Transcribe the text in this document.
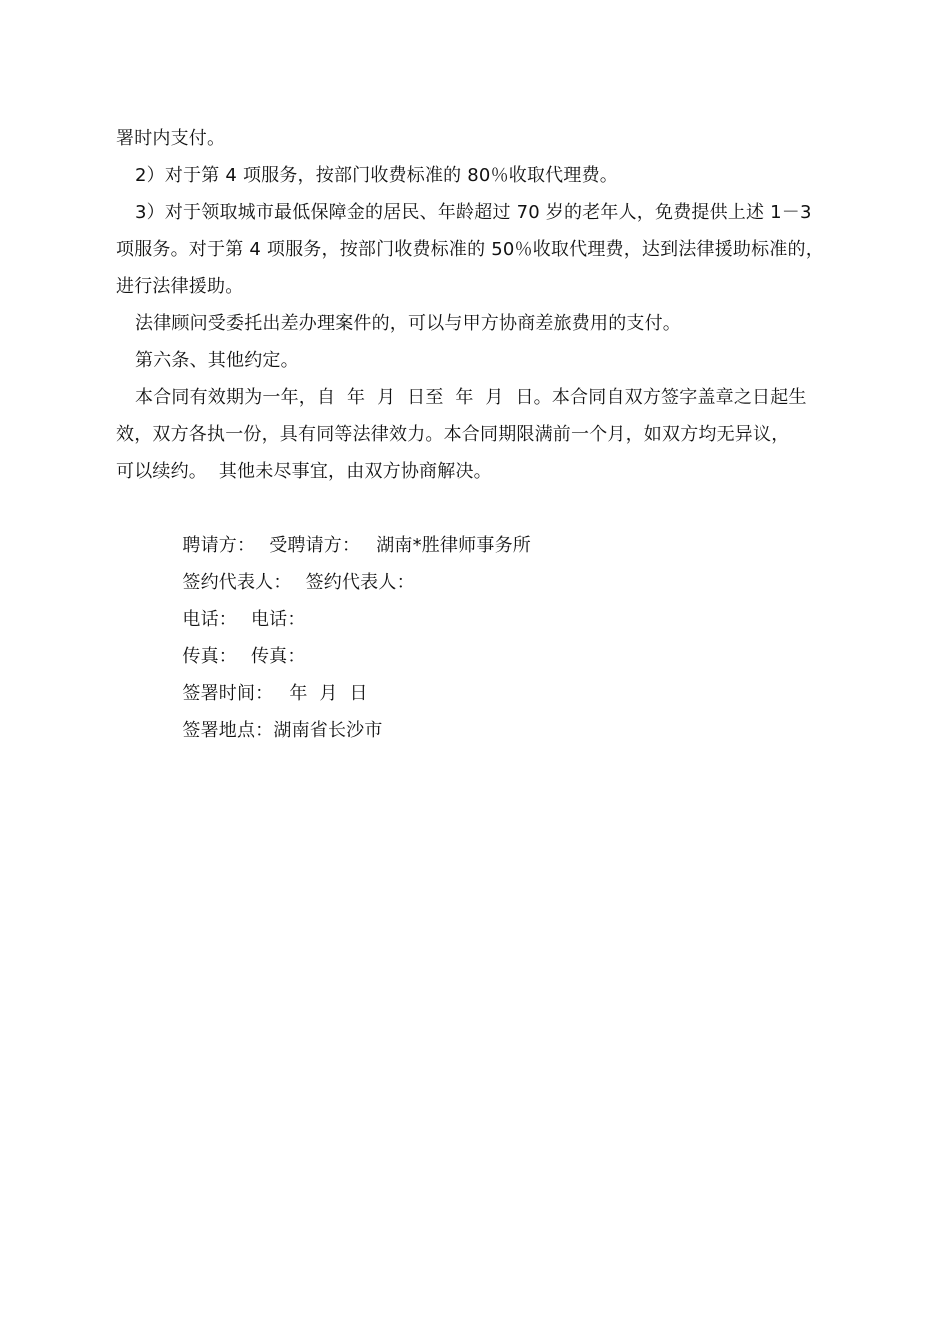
署时内支付。
2）对于第 4 项服务，按部门收费标准的 80％收取代理费。
3）对于领取城市最低保障金的居民、年龄超过 70 岁的老年人，免费提供上述 1－3
项服务。对于第 4 项服务，按部门收费标准的 50％收取代理费，达到法律援助标准的，
进行法律援助。
法律顾问受委托出差办理案件的，可以与甲方协商差旅费用的支付。
第六条、其他约定。
本合同有效期为一年，自  年  月  日至  年  月  日。本合同自双方签字盖章之日起生
效，双方各执一份，具有同等法律效力。本合同期限满前一个月，如双方均无异议，
可以续约。  其他未尽事宜，由双方协商解决。

聘请方： 受聘请方： 湖南*胜律师事务所

签约代表人： 签约代表人：

电话： 电话：

传真： 传真：

签署时间： 年  月  日

签署地点：湖南省长沙市
